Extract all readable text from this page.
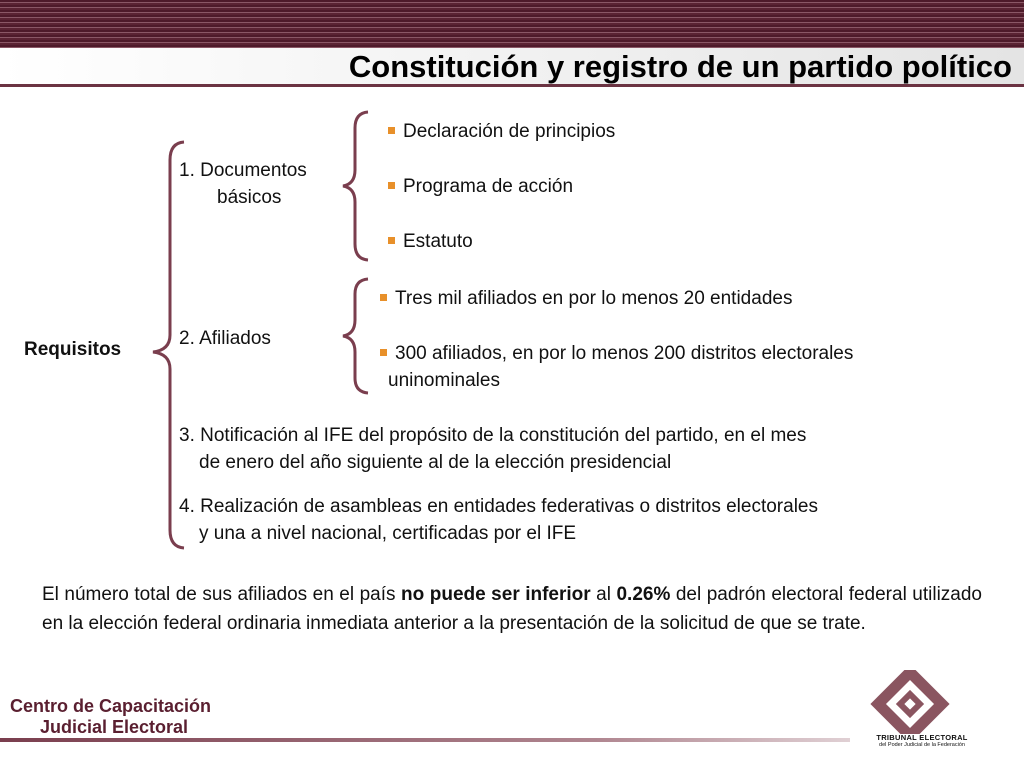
Constitución y registro de un partido político
Requisitos
1. Documentos
básicos
Declaración de principios
Programa de acción
Estatuto
2. Afiliados
Tres mil afiliados en por lo menos 20 entidades
300 afiliados, en por lo menos 200 distritos electorales
uninominales
3. Notificación al IFE del propósito de la constitución del partido, en el mes
de enero del año siguiente al de la elección presidencial
4. Realización de asambleas en entidades federativas o distritos electorales
y una a nivel nacional, certificadas por el IFE
El número total de sus afiliados en el país no puede ser inferior al 0.26% del padrón electoral federal utilizado en la elección federal ordinaria inmediata anterior a la presentación de la solicitud de que se trate.
Centro de Capacitación
Judicial Electoral
TRIBUNAL ELECTORAL
del Poder Judicial de la Federación
